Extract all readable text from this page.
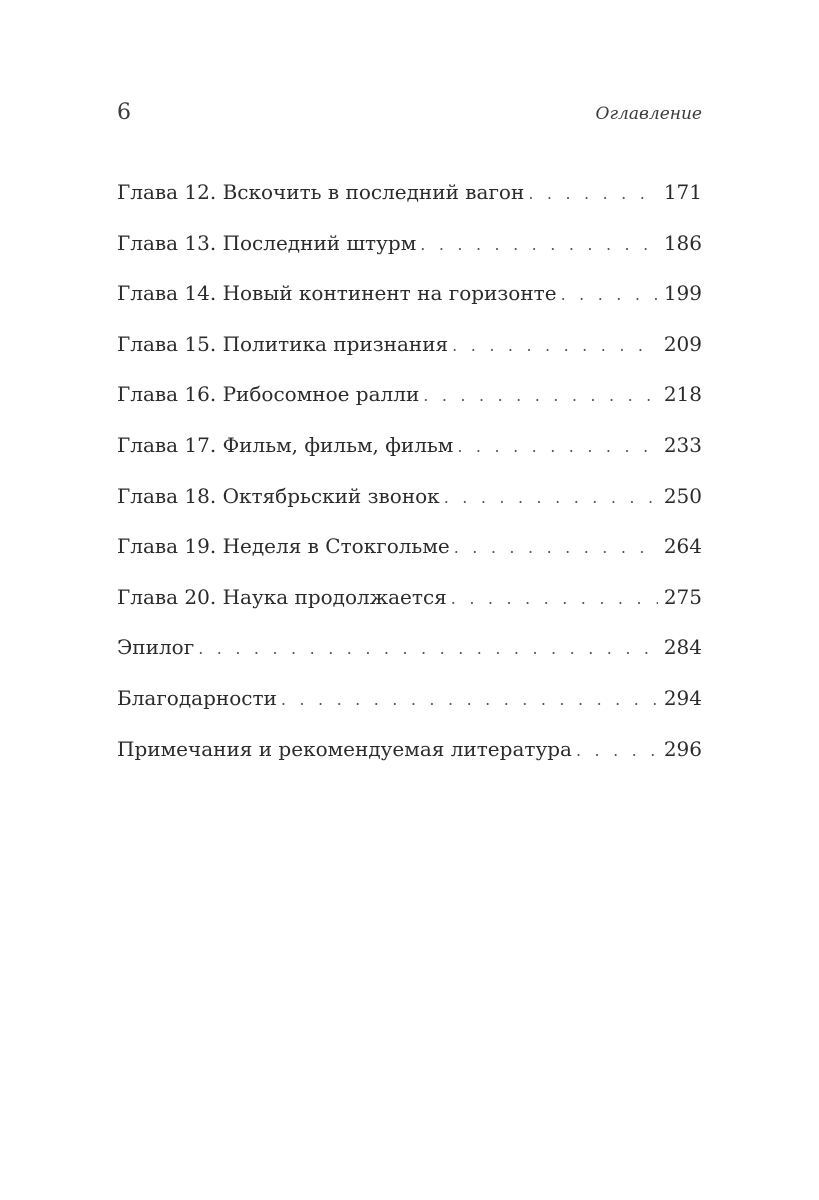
6	Оглавление
Глава 12. Вскочить в последний вагон . . .	171
Глава 13. Последний штурм . . .	186
Глава 14. Новый континент на горизонте . . .	199
Глава 15. Политика признания . . .	209
Глава 16. Рибосомное ралли . . .	218
Глава 17. Фильм, фильм, фильм . . .	233
Глава 18. Октябрьский звонок . . .	250
Глава 19. Неделя в Стокгольме . . .	264
Глава 20. Наука продолжается . . .	275
Эпилог . . .	284
Благодарности . . .	294
Примечания и рекомендуемая литература . . .	296
